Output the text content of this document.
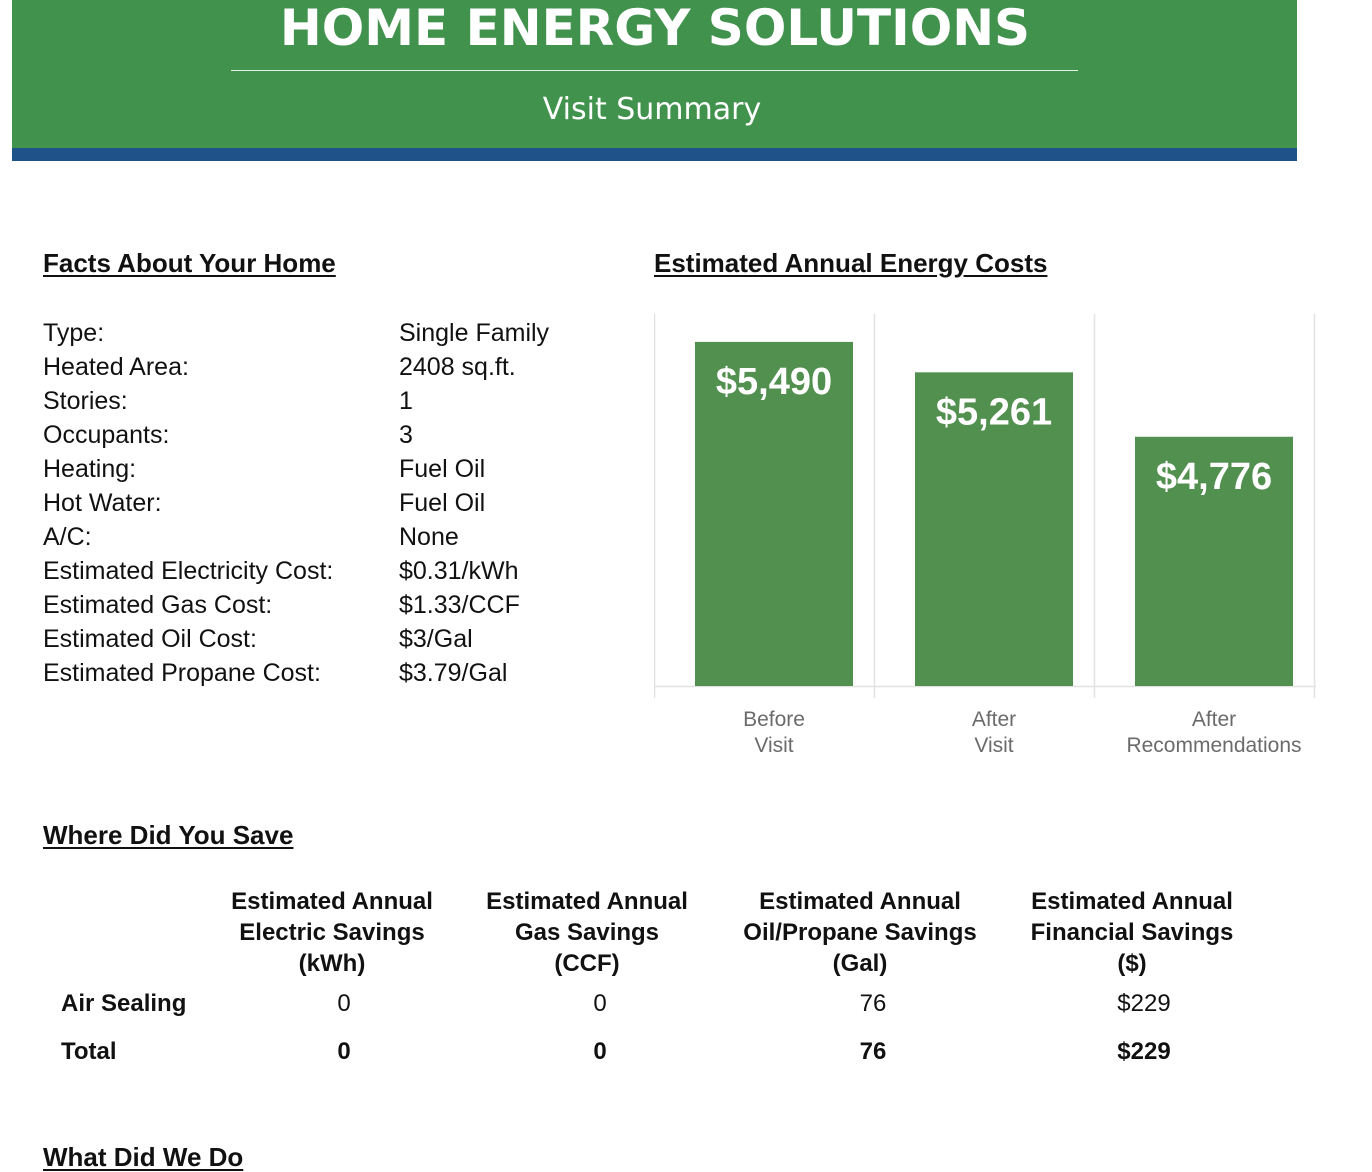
HOME ENERGY SOLUTIONS
Visit Summary
Facts About Your Home
Type:	Single Family
Heated Area:	2408 sq.ft.
Stories:	1
Occupants:	3
Heating:	Fuel Oil
Hot Water:	Fuel Oil
A/C:	None
Estimated Electricity Cost:	$0.31/kWh
Estimated Gas Cost:	$1.33/CCF
Estimated Oil Cost:	$3/Gal
Estimated Propane Cost:	$3.79/Gal
Estimated Annual Energy Costs
$5,490
Before
Visit
$5,261
After
Visit
$4,776
After
Recommendations
Where Did You Save
Estimated Annual
Electric Savings
(kWh)
Estimated Annual
Gas Savings
(CCF)
Estimated Annual
Oil/Propane Savings
(Gal)
Estimated Annual
Financial Savings
($)
Air Sealing	0	0	76	$229
Total	0	0	76	$229
What Did We Do
